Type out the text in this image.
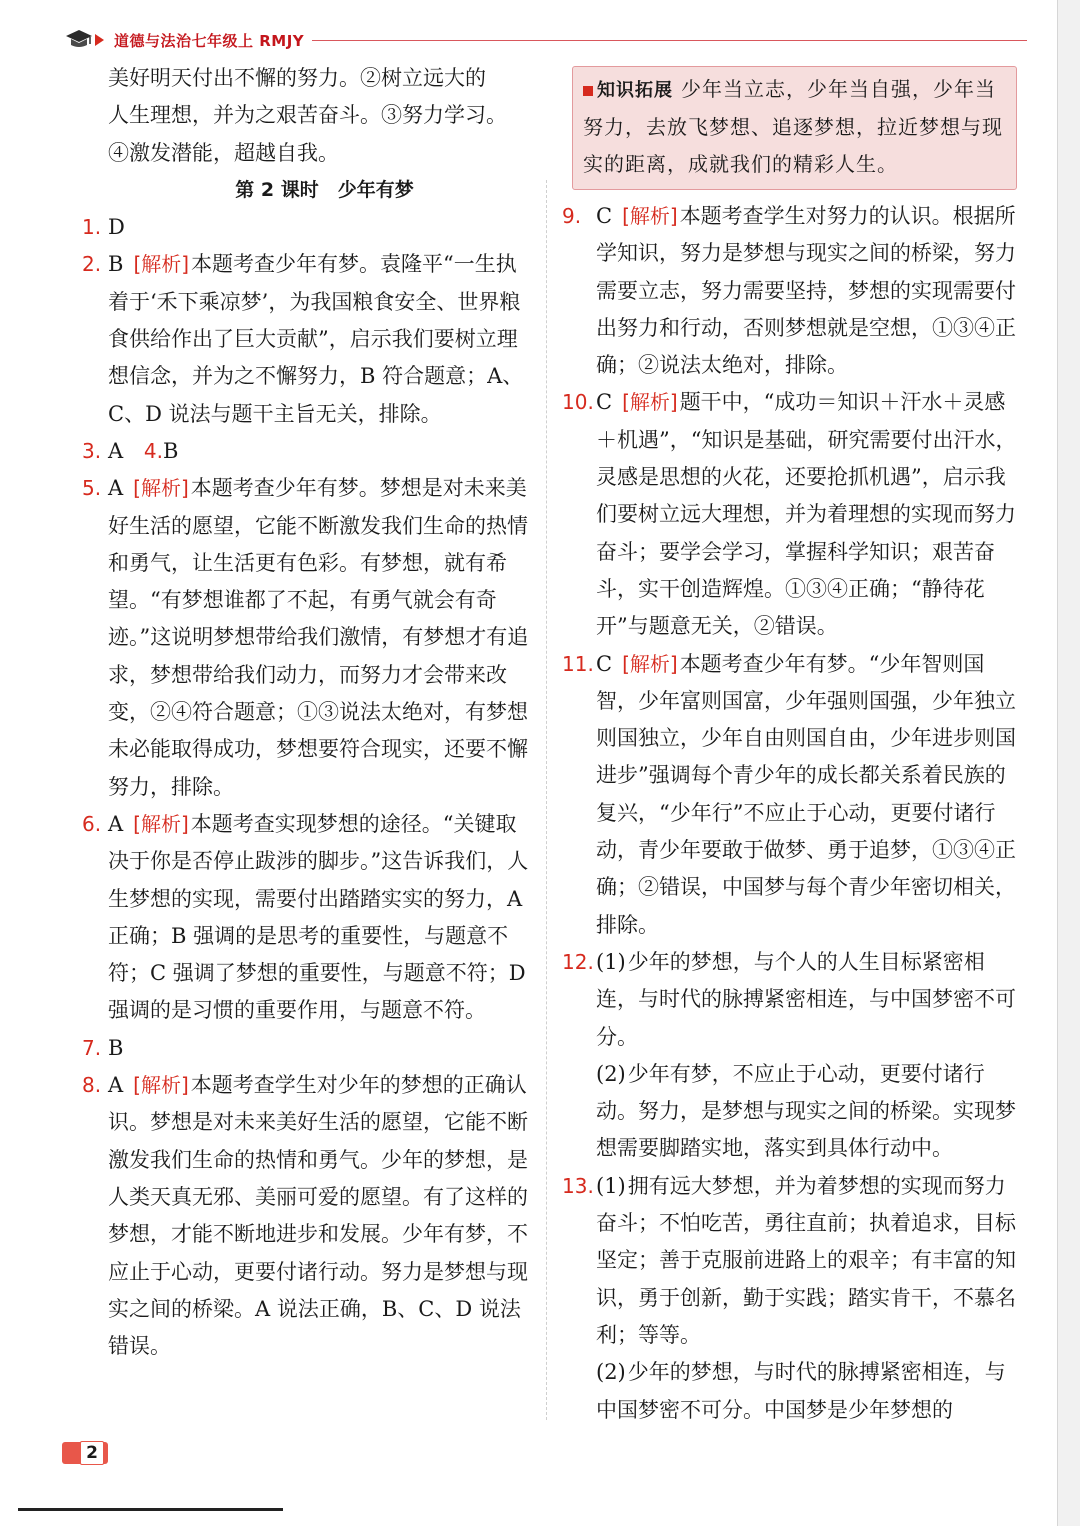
道德与法治七年级上 RMJY

美好明天付出不懈的努力。②树立远大的

人生理想，并为之艰苦奋斗。③努力学习。

④激发潜能，超越自我。

第 2 课时　少年有梦

1. D

2. B [解析]本题考查少年有梦。袁隆平“一生执着于‘禾下乘凉梦’，为我国粮食安全、世界粮食供给作出了巨大贡献”，启示我们要树立理想信念，并为之不懈努力，B 符合题意；A、C、D 说法与题干主旨无关，排除。

3. A 4.B

5. A [解析]本题考查少年有梦。梦想是对未来美好生活的愿望，它能不断激发我们生命的热情和勇气，让生活更有色彩。有梦想，就有希望。“有梦想谁都了不起，有勇气就会有奇迹。”这说明梦想带给我们激情，有梦想才有追求，梦想带给我们动力，而努力才会带来改变，②④符合题意；①③说法太绝对，有梦想未必能取得成功，梦想要符合现实，还要不懈努力，排除。

6. A [解析]本题考查实现梦想的途径。“关键取决于你是否停止跋涉的脚步。”这告诉我们，人生梦想的实现，需要付出踏踏实实的努力，A 正确；B 强调的是思考的重要性，与题意不符；C 强调了梦想的重要性，与题意不符；D 强调的是习惯的重要作用，与题意不符。

7. B

8. A [解析]本题考查学生对少年的梦想的正确认识。梦想是对未来美好生活的愿望，它能不断激发我们生命的热情和勇气。少年的梦想，是人类天真无邪、美丽可爱的愿望。有了这样的梦想，才能不断地进步和发展。少年有梦，不应止于心动，更要付诸行动。努力是梦想与现实之间的桥梁。A 说法正确，B、C、D 说法错误。

知识拓展 少年当立志，少年当自强，少年当努力，去放飞梦想、追逐梦想，拉近梦想与现实的距离，成就我们的精彩人生。

9. C [解析]本题考查学生对努力的认识。根据所学知识，努力是梦想与现实之间的桥梁，努力需要立志，努力需要坚持，梦想的实现需要付出努力和行动，否则梦想就是空想，①③④正确；②说法太绝对，排除。

10. C [解析]题干中，“成功＝知识＋汗水＋灵感＋机遇”，“知识是基础，研究需要付出汗水，灵感是思想的火花，还要抢抓机遇”，启示我们要树立远大理想，并为着理想的实现而努力奋斗；要学会学习，掌握科学知识；艰苦奋斗，实干创造辉煌。①③④正确；“静待花开”与题意无关，②错误。

11. C [解析]本题考查少年有梦。“少年智则国智，少年富则国富，少年强则国强，少年独立则国独立，少年自由则国自由，少年进步则国进步”强调每个青少年的成长都关系着民族的复兴，“少年行”不应止于心动，更要付诸行动，青少年要敢于做梦、勇于追梦，①③④正确；②错误，中国梦与每个青少年密切相关，排除。

12. (1)少年的梦想，与个人的人生目标紧密相连，与时代的脉搏紧密相连，与中国梦密不可分。

(2)少年有梦，不应止于心动，更要付诸行动。努力，是梦想与现实之间的桥梁。实现梦想需要脚踏实地，落实到具体行动中。

13. (1)拥有远大梦想，并为着梦想的实现而努力奋斗；不怕吃苦，勇往直前；执着追求，目标坚定；善于克服前进路上的艰辛；有丰富的知识，勇于创新，勤于实践；踏实肯干，不慕名利；等等。

(2)少年的梦想，与时代的脉搏紧密相连，与中国梦密不可分。中国梦是少年梦想的

2
